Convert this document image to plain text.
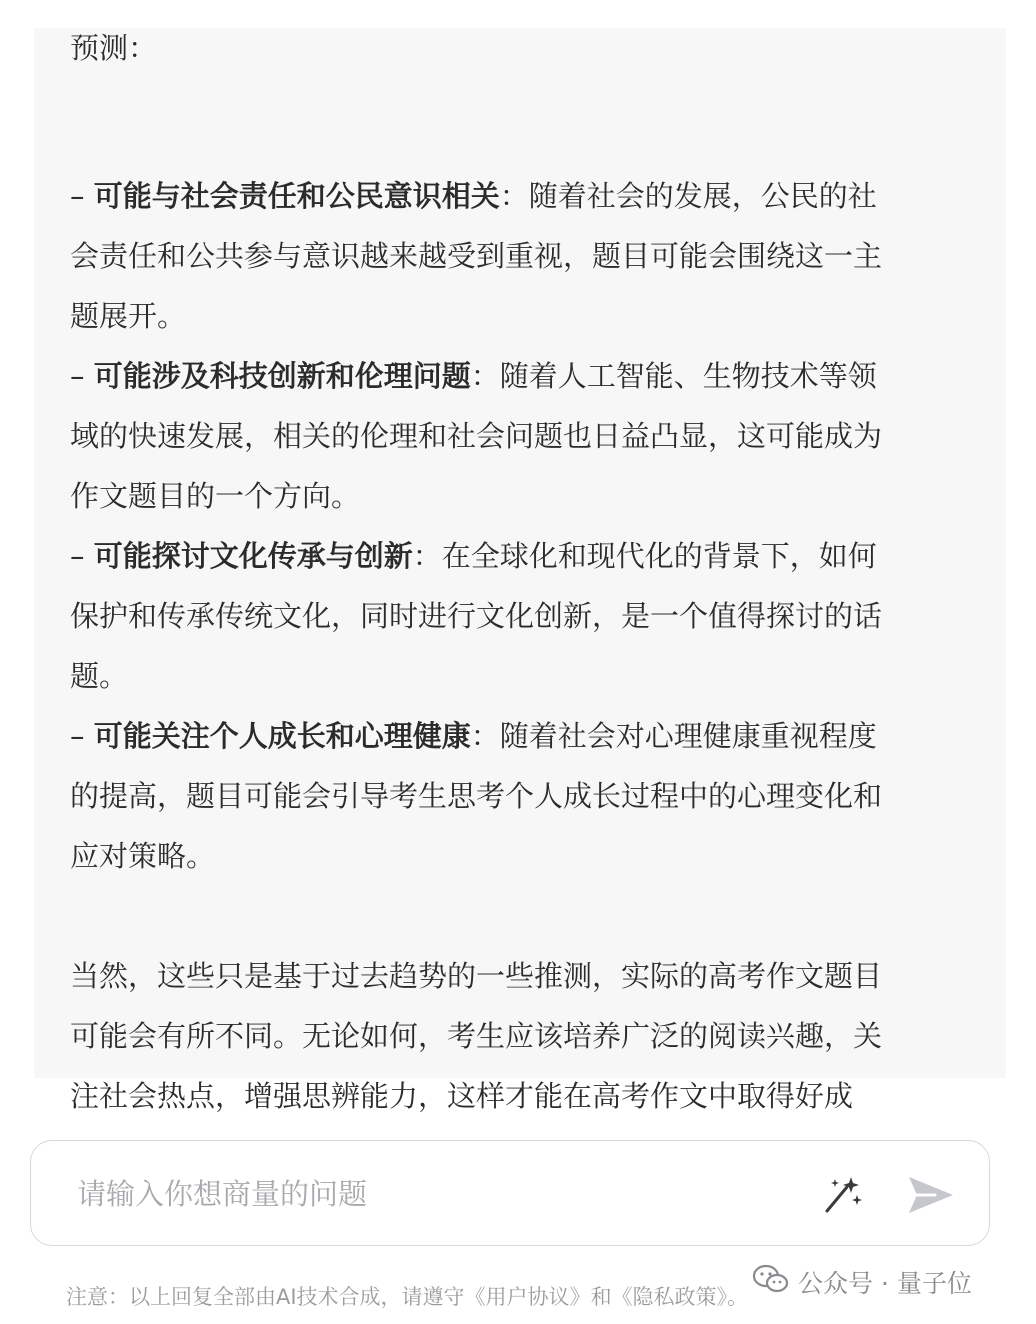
预测：
– 可能与社会责任和公民意识相关：随着社会的发展，公民的社
会责任和公共参与意识越来越受到重视，题目可能会围绕这一主
题展开。
– 可能涉及科技创新和伦理问题：随着人工智能、生物技术等领
域的快速发展，相关的伦理和社会问题也日益凸显，这可能成为
作文题目的一个方向。
– 可能探讨文化传承与创新：在全球化和现代化的背景下，如何
保护和传承传统文化，同时进行文化创新，是一个值得探讨的话
题。
– 可能关注个人成长和心理健康：随着社会对心理健康重视程度
的提高，题目可能会引导考生思考个人成长过程中的心理变化和
应对策略。
当然，这些只是基于过去趋势的一些推测，实际的高考作文题目
可能会有所不同。无论如何，考生应该培养广泛的阅读兴趣，关
注社会热点，增强思辨能力，这样才能在高考作文中取得好成
请输入你想商量的问题
注意：以上回复全部由AI技术合成，请遵守《用户协议》和《隐私政策》。 公众号 · 量子位
